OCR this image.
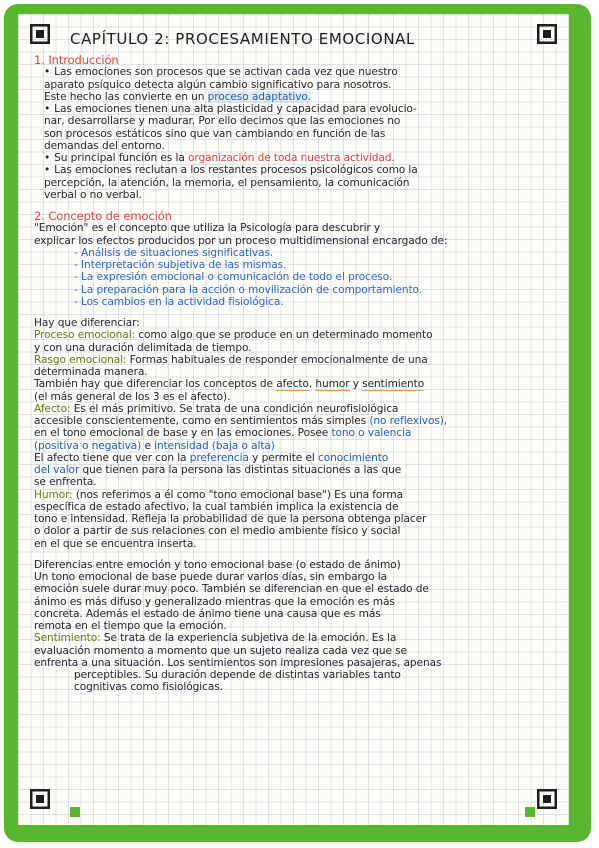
CAPÍTULO 2: PROCESAMIENTO EMOCIONAL

1. Introducción

• Las emociones son procesos que se activan cada vez que nuestro

aparato psíquico detecta algún cambio significativo para nosotros.

Este hecho las convierte en un proceso adaptativo.

• Las emociones tienen una alta plasticidad y capacidad para evolucio-

nar, desarrollarse y madurar. Por ello decimos que las emociones no

son procesos estáticos sino que van cambiando en función de las

demandas del entorno.

• Su principal función es la organización de toda nuestra actividad.

• Las emociones reclutan a los restantes procesos psicológicos como la

percepción, la atención, la memoria, el pensamiento, la comunicación

verbal o no verbal.

2. Concepto de emoción

"Emoción" es el concepto que utiliza la Psicología para descubrir y

explicar los efectos producidos por un proceso multidimensional encargado de:

- Análisis de situaciones significativas.

- Interpretación subjetiva de las mismas.

- La expresión emocional o comunicación de todo el proceso.

- La preparación para la acción o movilización de comportamiento.

- Los cambios en la actividad fisiológica.

Hay que diferenciar:

Proceso emocional: como algo que se produce en un determinado momento

y con una duración delimitada de tiempo.

Rasgo emocional: Formas habituales de responder emocionalmente de una

determinada manera.

También hay que diferenciar los conceptos de afecto, humor y sentimiento

(el más general de los 3 es el afecto).

Afecto: Es el más primitivo. Se trata de una condición neurofisiológica

accesible conscientemente, como en sentimientos más simples (no reflexivos),

en el tono emocional de base y en las emociones. Posee tono o valencia

(positiva o negativa) e intensidad (baja o alta)

El afecto tiene que ver con la preferencia y permite el conocimiento

del valor que tienen para la persona las distintas situaciones a las que

se enfrenta.

Humor: (nos referimos a él como "tono emocional base") Es una forma

específica de estado afectivo, la cual también implica la existencia de

tono e intensidad. Refleja la probabilidad de que la persona obtenga placer

o dolor a partir de sus relaciones con el medio ambiente físico y social

en el que se encuentra inserta.

Diferencias entre emoción y tono emocional base (o estado de ánimo)

Un tono emocional de base puede durar varios días, sin embargo la

emoción suele durar muy poco. También se diferencian en que el estado de

ánimo es más difuso y generalizado mientras que la emoción es más

concreta. Además el estado de ánimo tiene una causa que es más

remota en el tiempo que la emoción.

Sentimiento: Se trata de la experiencia subjetiva de la emoción. Es la

evaluación momento a momento que un sujeto realiza cada vez que se

enfrenta a una situación. Los sentimientos son impresiones pasajeras, apenas

perceptibles. Su duración depende de distintas variables tanto

cognitivas como fisiológicas.
